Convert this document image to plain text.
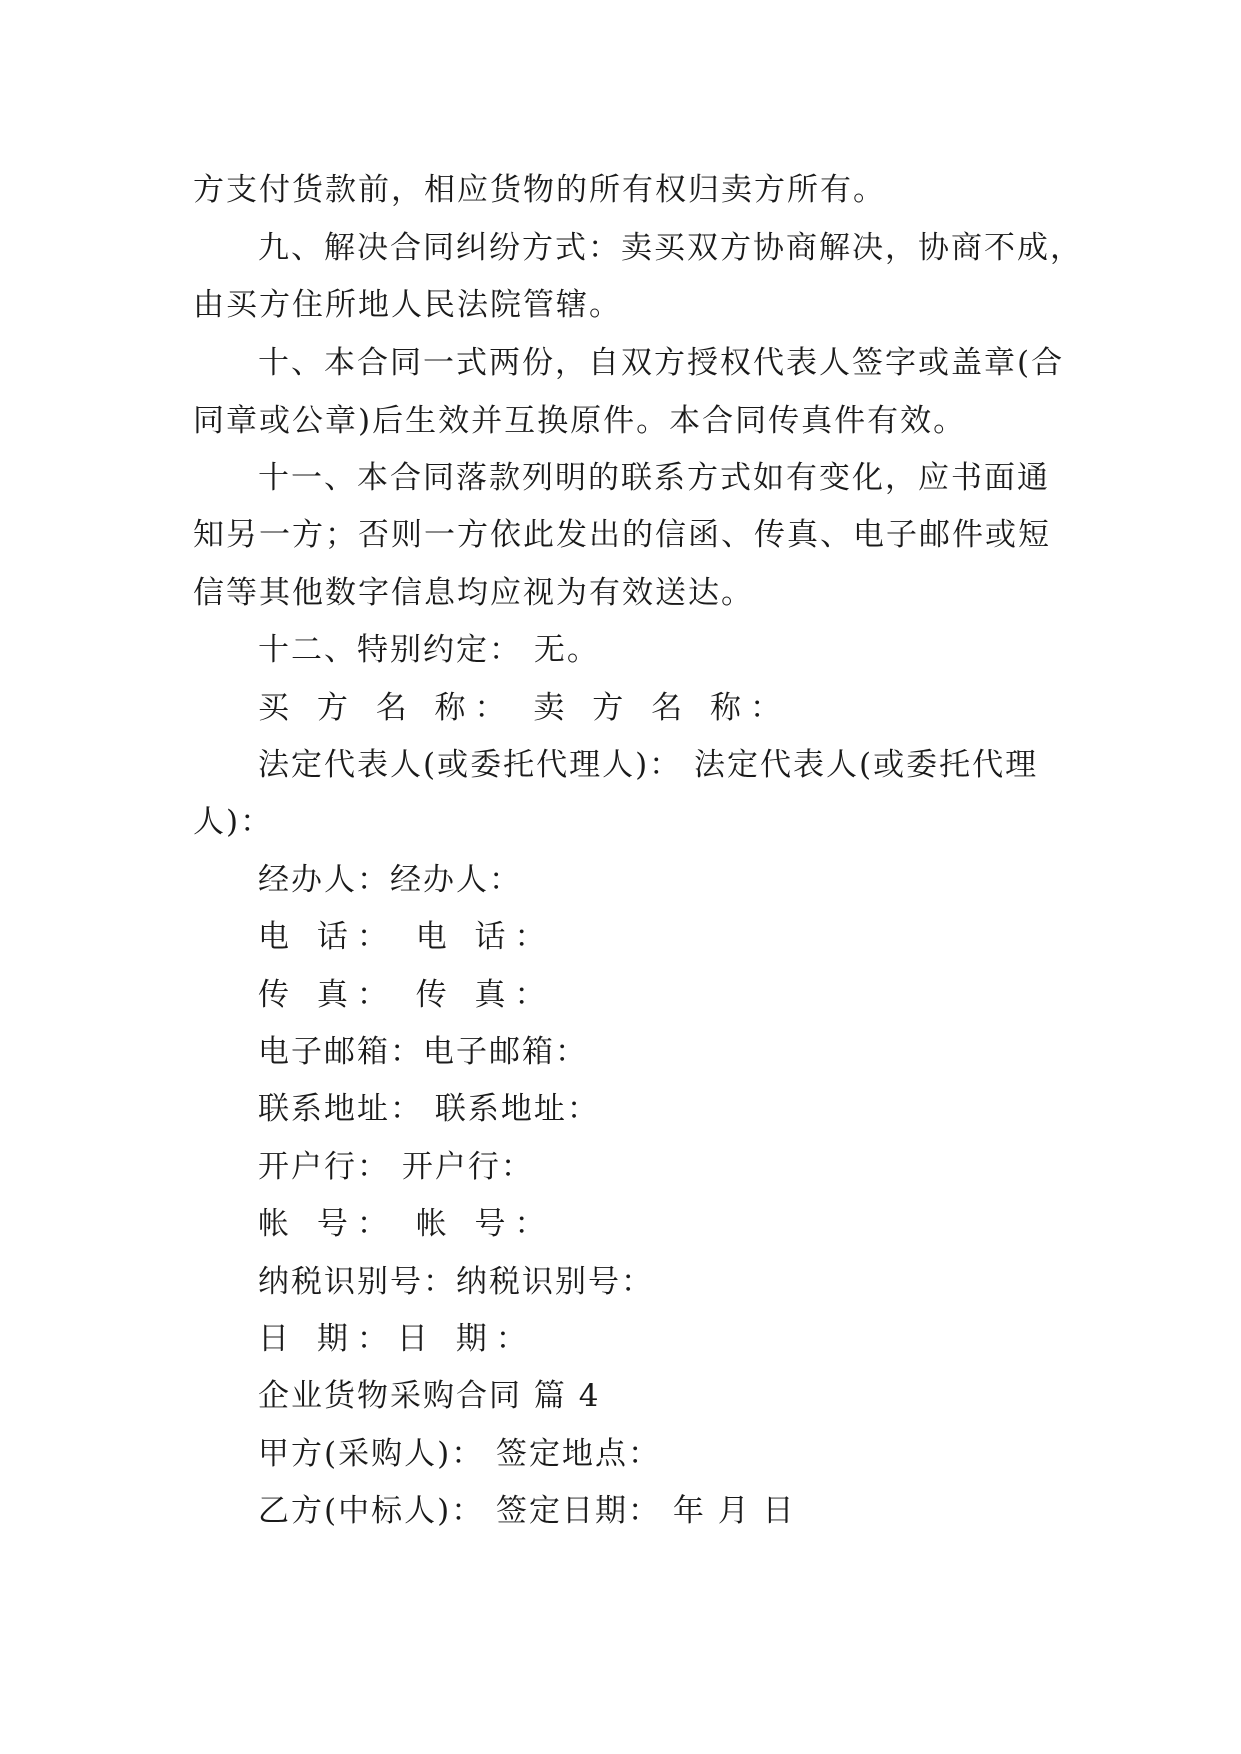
方支付货款前，相应货物的所有权归卖方所有。
九、解决合同纠纷方式：卖买双方协商解决，协商不成，
由买方住所地人民法院管辖。
十、本合同一式两份，自双方授权代表人签字或盖章(合
同章或公章)后生效并互换原件。本合同传真件有效。
十一、本合同落款列明的联系方式如有变化，应书面通
知另一方；否则一方依此发出的信函、传真、电子邮件或短
信等其他数字信息均应视为有效送达。
十二、特别约定： 无。
买 方 名 称： 卖 方 名 称：
法定代表人(或委托代理人)： 法定代表人(或委托代理
人)：
经办人：经办人：
电 话： 电 话：
传 真： 传 真：
电子邮箱：电子邮箱：
联系地址： 联系地址：
开户行： 开户行：
帐 号： 帐 号：
纳税识别号：纳税识别号：
日 期：日 期：
企业货物采购合同 篇 4
甲方(采购人)： 签定地点：
乙方(中标人)： 签定日期： 年 月 日
